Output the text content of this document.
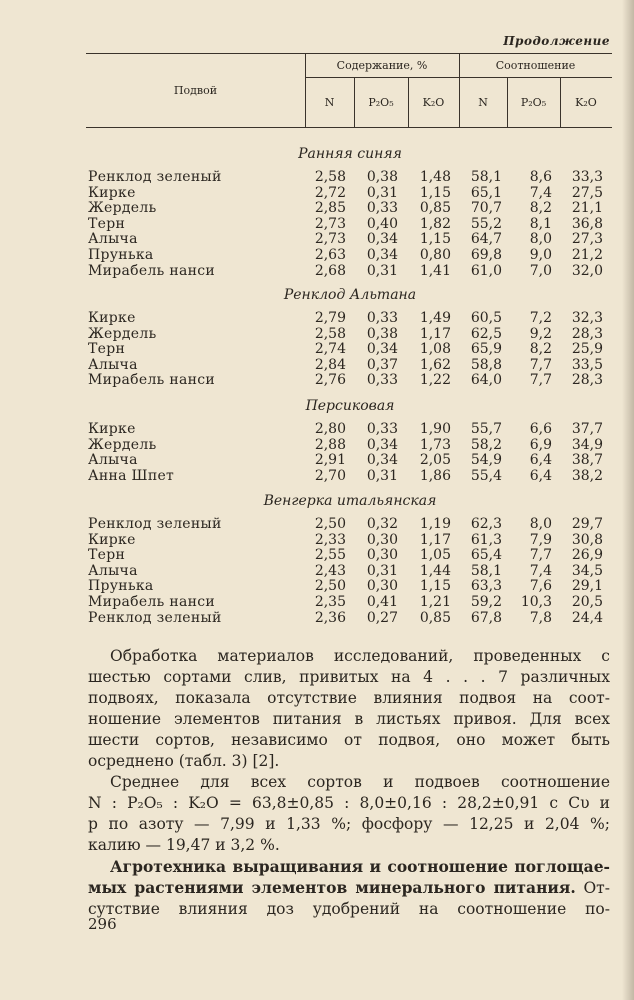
Продолжение
Подвой
Содержание, %	Соотношение
N	P₂O₅	K₂O	N	P₂O₅	K₂O
Ранняя синяя
Ренклод зеленый	2,58 0,38 1,48 58,1 8,6 33,3
Кирке	2,72 0,31 1,15 65,1 7,4 27,5
Жердель	2,85 0,33 0,85 70,7 8,2 21,1
Терн	2,73 0,40 1,82 55,2 8,1 36,8
Алыча	2,73 0,34 1,15 64,7 8,0 27,3
Прунька	2,63 0,34 0,80 69,8 9,0 21,2
Мирабель нанси	2,68 0,31 1,41 61,0 7,0 32,0
Ренклод Альтана
Кирке	2,79 0,33 1,49 60,5 7,2 32,3
Жердель	2,58 0,38 1,17 62,5 9,2 28,3
Терн	2,74 0,34 1,08 65,9 8,2 25,9
Алыча	2,84 0,37 1,62 58,8 7,7 33,5
Мирабель нанси	2,76 0,33 1,22 64,0 7,7 28,3
Персиковая
Кирке	2,80 0,33 1,90 55,7 6,6 37,7
Жердель	2,88 0,34 1,73 58,2 6,9 34,9
Алыча	2,91 0,34 2,05 54,9 6,4 38,7
Анна Шпет	2,70 0,31 1,86 55,4 6,4 38,2
Венгерка итальянская
Ренклод зеленый	2,50 0,32 1,19 62,3 8,0 29,7
Кирке	2,33 0,30 1,17 61,3 7,9 30,8
Терн	2,55 0,30 1,05 65,4 7,7 26,9
Алыча	2,43 0,31 1,44 58,1 7,4 34,5
Прунька	2,50 0,30 1,15 63,3 7,6 29,1
Мирабель нанси	2,35 0,41 1,21 59,2 10,3 20,5
Ренклод зеленый	2,36 0,27 0,85 67,8 7,8 24,4
Обработка материалов исследований, проведенных с
шестью сортами слив, привитых на 4 . . . 7 различных
подвоях, показала отсутствие влияния подвоя на соот-
ношение элементов питания в листьях привоя. Для всех
шести сортов, независимо от подвоя, оно может быть
осреднено (табл. 3) [2].
Среднее для всех сортов и подвоев соотношение
N : P₂O₅ : K₂O = 63,8±0,85 : 8,0±0,16 : 28,2±0,91 с Cυ и
p по азоту — 7,99 и 1,33 %; фосфору — 12,25 и 2,04 %;
калию — 19,47 и 3,2 %.
Агротехника выращивания и соотношение поглощае-
мых растениями элементов минерального питания. От-
сутствие влияния доз удобрений на соотношение по-
296
